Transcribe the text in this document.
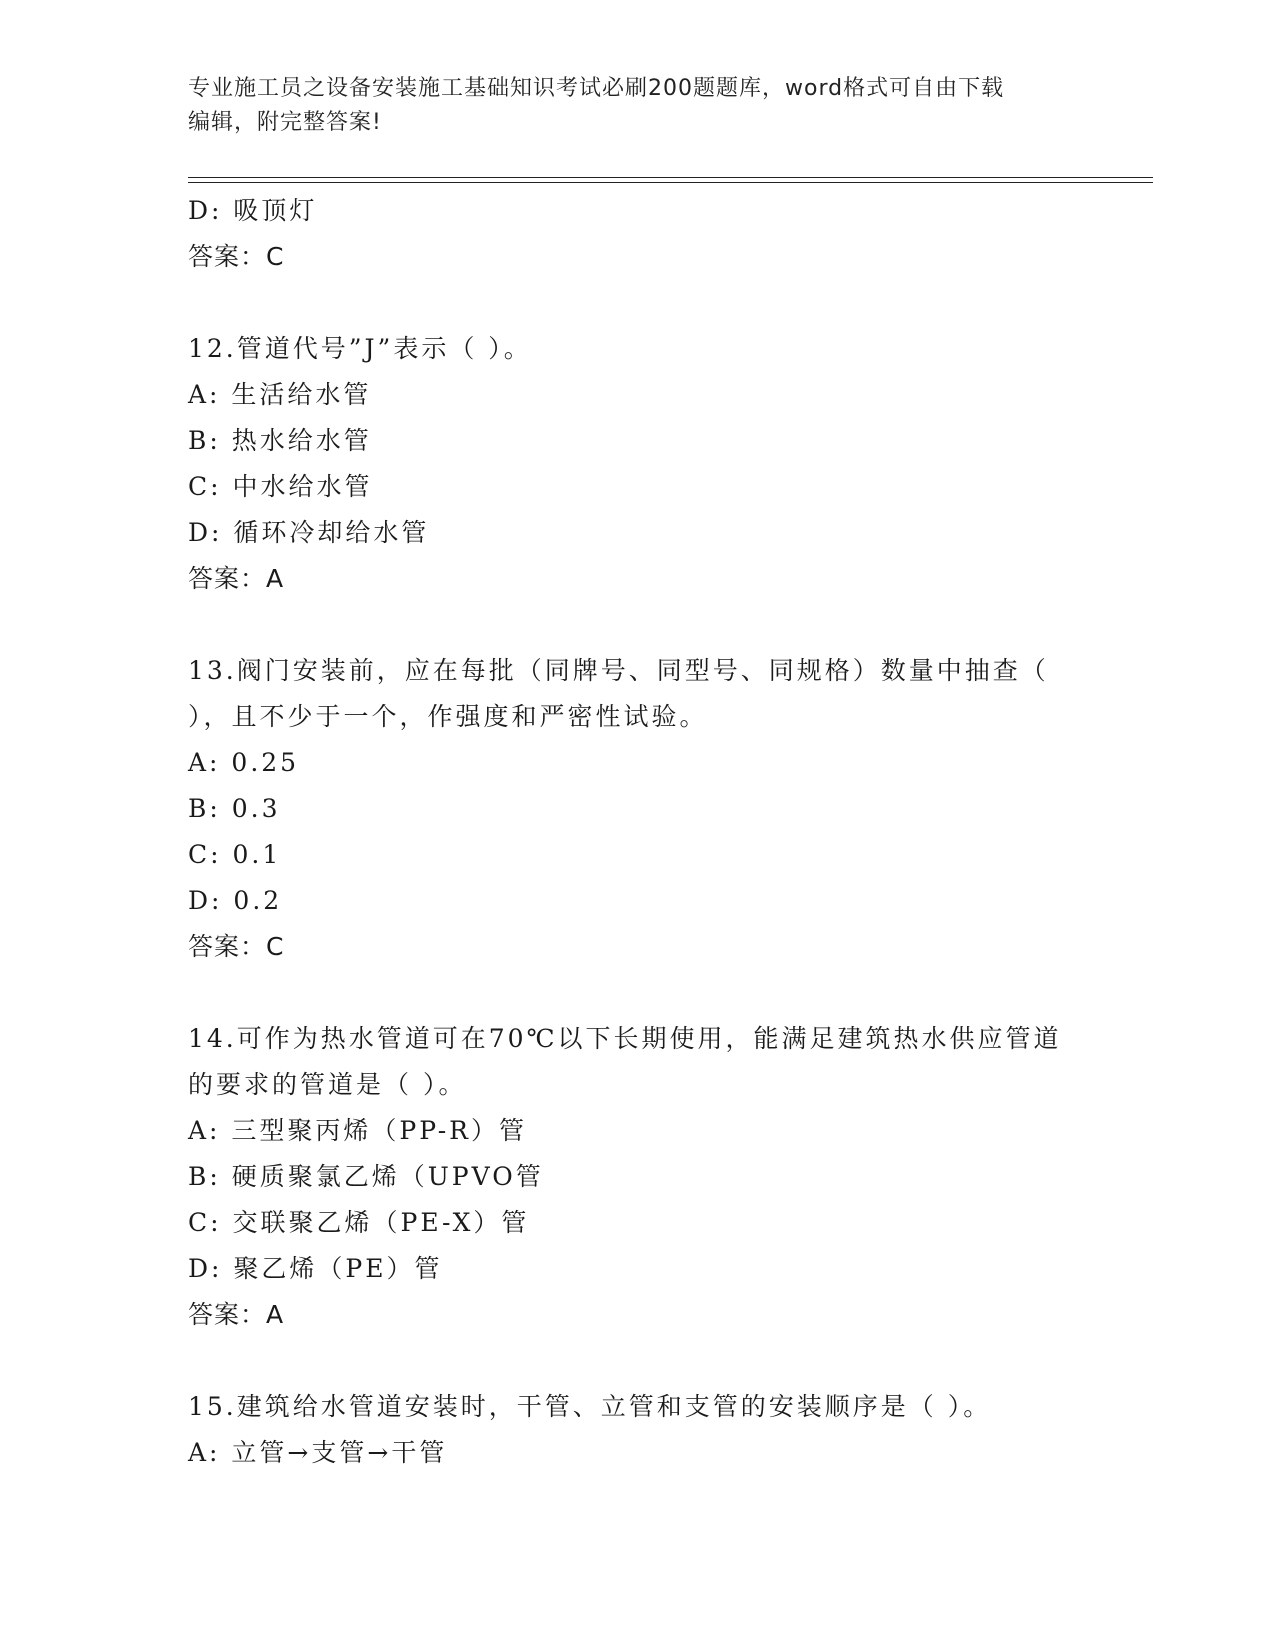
专业施工员之设备安装施工基础知识考试必刷200题题库，word格式可自由下载
编辑，附完整答案!
D: 吸顶灯
答案：C
12.管道代号”J”表示（ ）。
A: 生活给水管
B: 热水给水管
C: 中水给水管
D: 循环冷却给水管
答案：A
13.阀门安装前，应在每批（同牌号、同型号、同规格）数量中抽查（
），且不少于一个，作强度和严密性试验。
A: 0.25
B: 0.3
C: 0.1
D: 0.2
答案：C
14.可作为热水管道可在70℃以下长期使用，能满足建筑热水供应管道
的要求的管道是（ ）。
A: 三型聚丙烯（PP-R）管
B: 硬质聚氯乙烯（UPVO管
C: 交联聚乙烯（PE-X）管
D: 聚乙烯（PE）管
答案：A
15.建筑给水管道安装时，干管、立管和支管的安装顺序是（ ）。
A: 立管→支管→干管
